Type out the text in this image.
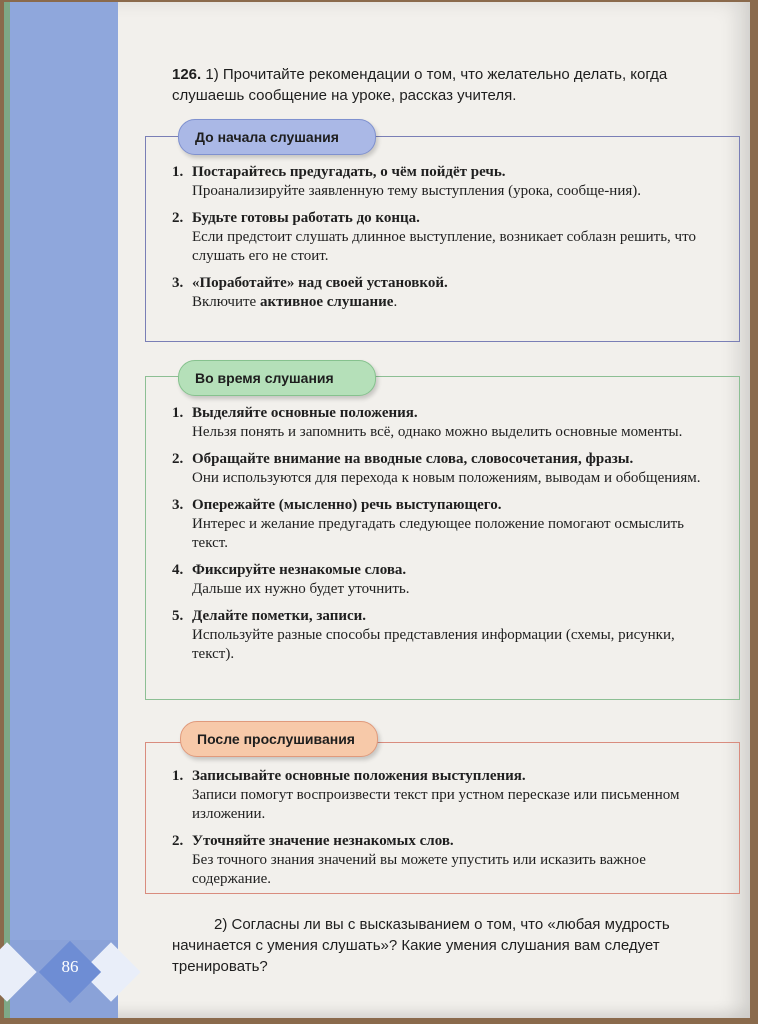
86
126. 1) Прочитайте рекомендации о том, что желательно делать, когда слушаешь сообщение на уроке, рассказ учителя.
До начала слушания
1. Постарайтесь предугадать, о чём пойдёт речь.
Проанализируйте заявленную тему выступления (урока, сообще-ния).
2. Будьте готовы работать до конца.
Если предстоит слушать длинное выступление, возникает соблазн решить, что слушать его не стоит.
3. «Поработайте» над своей установкой.
Включите активное слушание.
Во время слушания
1. Выделяйте основные положения.
Нельзя понять и запомнить всё, однако можно выделить основные моменты.
2. Обращайте внимание на вводные слова, словосочетания, фразы.
Они используются для перехода к новым положениям, выводам и обобщениям.
3. Опережайте (мысленно) речь выступающего.
Интерес и желание предугадать следующее положение помогают осмыслить текст.
4. Фиксируйте незнакомые слова.
Дальше их нужно будет уточнить.
5. Делайте пометки, записи.
Используйте разные способы представления информации (схемы, рисунки, текст).
После прослушивания
1. Записывайте основные положения выступления.
Записи помогут воспроизвести текст при устном пересказе или письменном изложении.
2. Уточняйте значение незнакомых слов.
Без точного знания значений вы можете упустить или исказить важное содержание.
2) Согласны ли вы с высказыванием о том, что «любая мудрость начинается с умения слушать»? Какие умения слушания вам следует тренировать?
